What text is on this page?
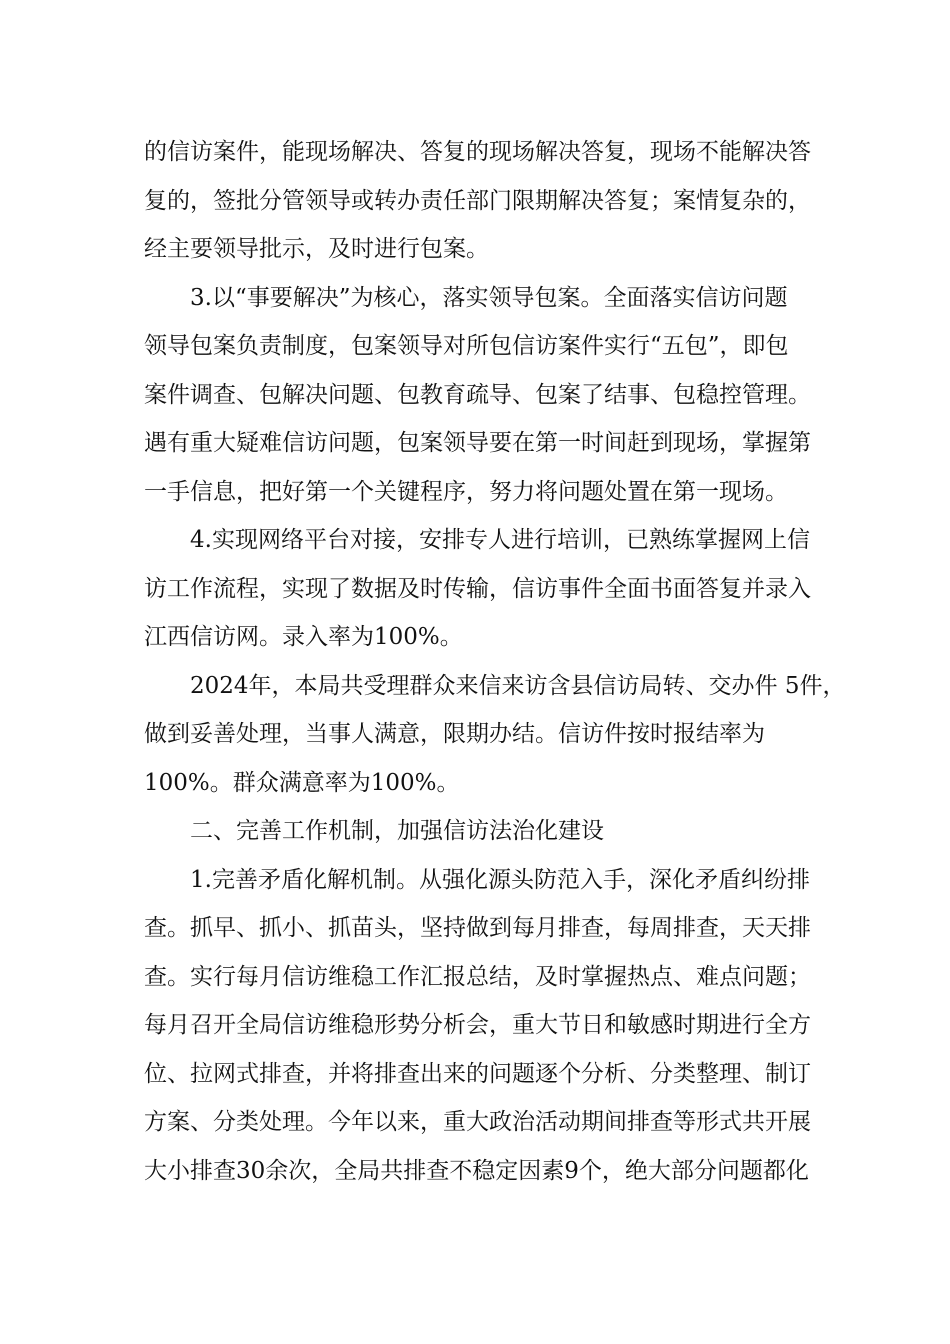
的信访案件，能现场解决、答复的现场解决答复，现场不能解决答
复的，签批分管领导或转办责任部门限期解决答复；案情复杂的，
经主要领导批示，及时进行包案。

3.以“事要解决”为核心，落实领导包案。全面落实信访问题
领导包案负责制度，包案领导对所包信访案件实行“五包”，即包
案件调查、包解决问题、包教育疏导、包案了结事、包稳控管理。
遇有重大疑难信访问题，包案领导要在第一时间赶到现场，掌握第
一手信息，把好第一个关键程序，努力将问题处置在第一现场。

4.实现网络平台对接，安排专人进行培训，已熟练掌握网上信
访工作流程，实现了数据及时传输，信访事件全面书面答复并录入
江西信访网。录入率为100%。

2024年，本局共受理群众来信来访含县信访局转、交办件 5件，
做到妥善处理，当事人满意，限期办结。信访件按时报结率为
100%。群众满意率为100%。

二、完善工作机制，加强信访法治化建设

1.完善矛盾化解机制。从强化源头防范入手，深化矛盾纠纷排
查。抓早、抓小、抓苗头，坚持做到每月排查，每周排查，天天排
查。实行每月信访维稳工作汇报总结，及时掌握热点、难点问题；
每月召开全局信访维稳形势分析会，重大节日和敏感时期进行全方
位、拉网式排查，并将排查出来的问题逐个分析、分类整理、制订
方案、分类处理。今年以来，重大政治活动期间排查等形式共开展
大小排查30余次，全局共排查不稳定因素9个，绝大部分问题都化
